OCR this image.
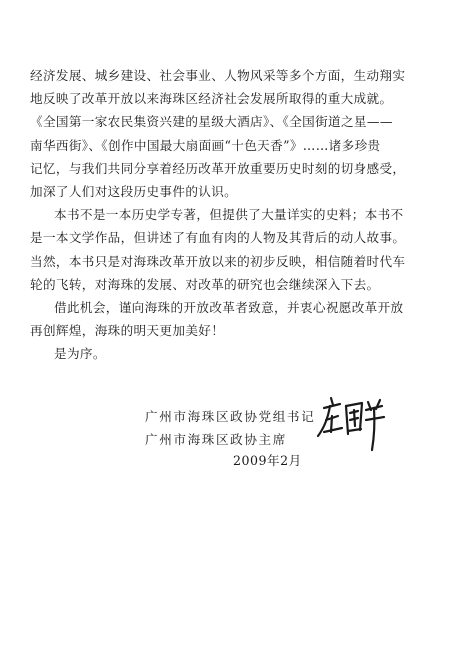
经济发展、城乡建设、社会事业、人物风采等多个方面，生动翔实
地反映了改革开放以来海珠区经济社会发展所取得的重大成就。
《全国第一家农民集资兴建的星级大酒店》、《全国街道之星——
南华西街》、《创作中国最大扇面画“十色天香”》……诸多珍贵
记忆，与我们共同分享着经历改革开放重要历史时刻的切身感受，
加深了人们对这段历史事件的认识。
本书不是一本历史学专著，但提供了大量详实的史料；本书不
是一本文学作品，但讲述了有血有肉的人物及其背后的动人故事。
当然，本书只是对海珠改革开放以来的初步反映，相信随着时代车
轮的飞转，对海珠的发展、对改革的研究也会继续深入下去。
借此机会，谨向海珠的开放改革者致意，并衷心祝愿改革开放
再创辉煌，海珠的明天更加美好！
是为序。
广州市海珠区政协党组书记
广州市海珠区政协主席
2009年2月
